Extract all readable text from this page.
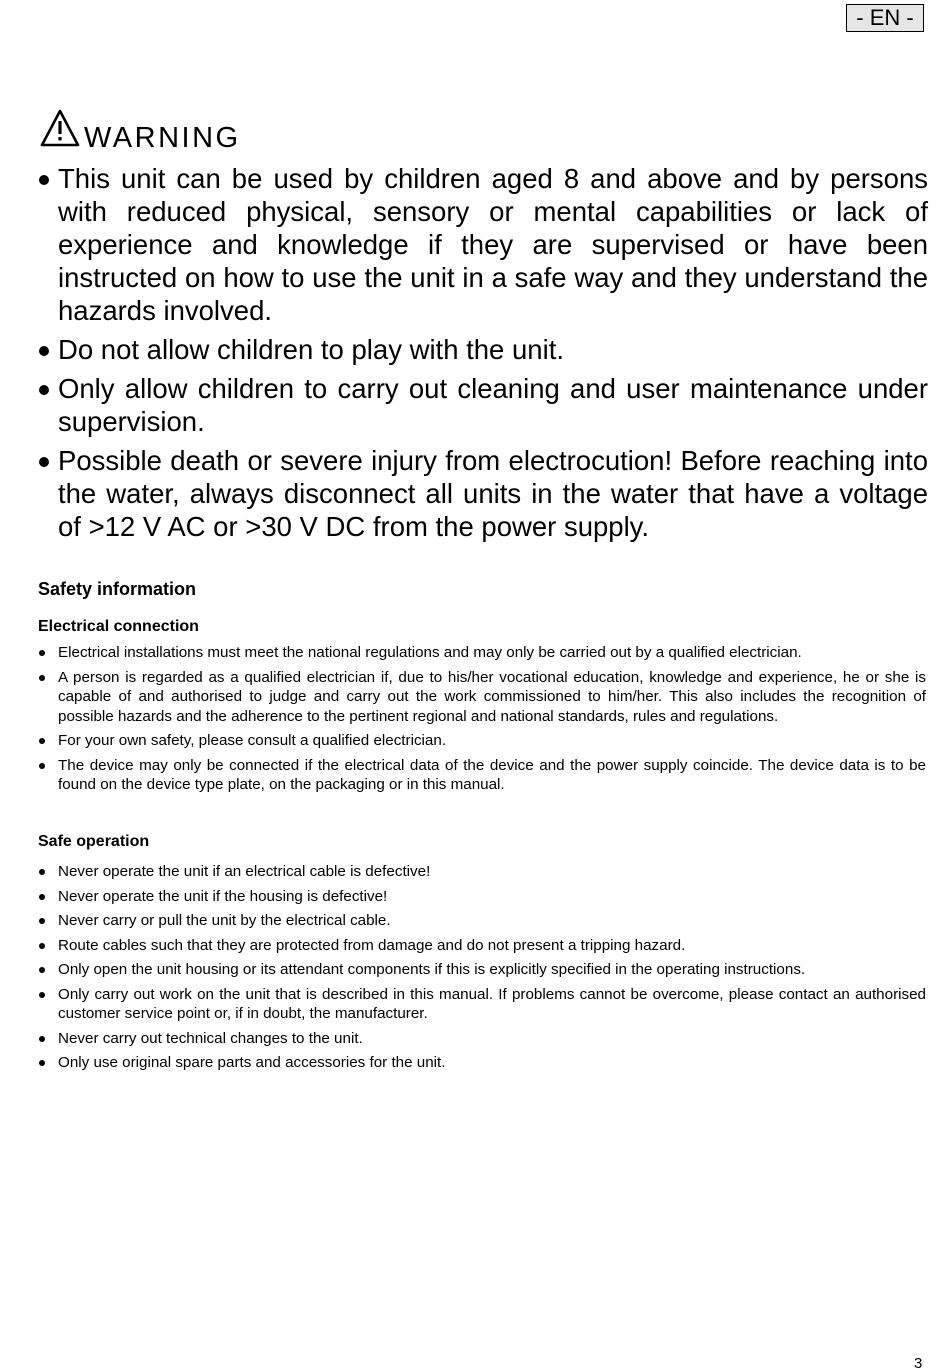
- EN -
WARNING
This unit can be used by children aged 8 and above and by persons with reduced physical, sensory or mental capabilities or lack of experience and knowledge if they are supervised or have been instructed on how to use the unit in a safe way and they understand the hazards involved.
Do not allow children to play with the unit.
Only allow children to carry out cleaning and user maintenance under supervision.
Possible death or severe injury from electrocution! Before reaching into the water, always disconnect all units in the water that have a voltage of >12 V AC or >30 V DC from the power supply.
Safety information
Electrical connection
Electrical installations must meet the national regulations and may only be carried out by a qualified electrician.
A person is regarded as a qualified electrician if, due to his/her vocational education, knowledge and experience, he or she is capable of and authorised to judge and carry out the work commissioned to him/her. This also includes the recognition of possible hazards and the adherence to the pertinent regional and national standards, rules and regulations.
For your own safety, please consult a qualified electrician.
The device may only be connected if the electrical data of the device and the power supply coincide. The device data is to be found on the device type plate, on the packaging or in this manual.
Safe operation
Never operate the unit if an electrical cable is defective!
Never operate the unit if the housing is defective!
Never carry or pull the unit by the electrical cable.
Route cables such that they are protected from damage and do not present a tripping hazard.
Only open the unit housing or its attendant components if this is explicitly specified in the operating instructions.
Only carry out work on the unit that is described in this manual. If problems cannot be overcome, please contact an authorised customer service point or, if in doubt, the manufacturer.
Never carry out technical changes to the unit.
Only use original spare parts and accessories for the unit.
3
